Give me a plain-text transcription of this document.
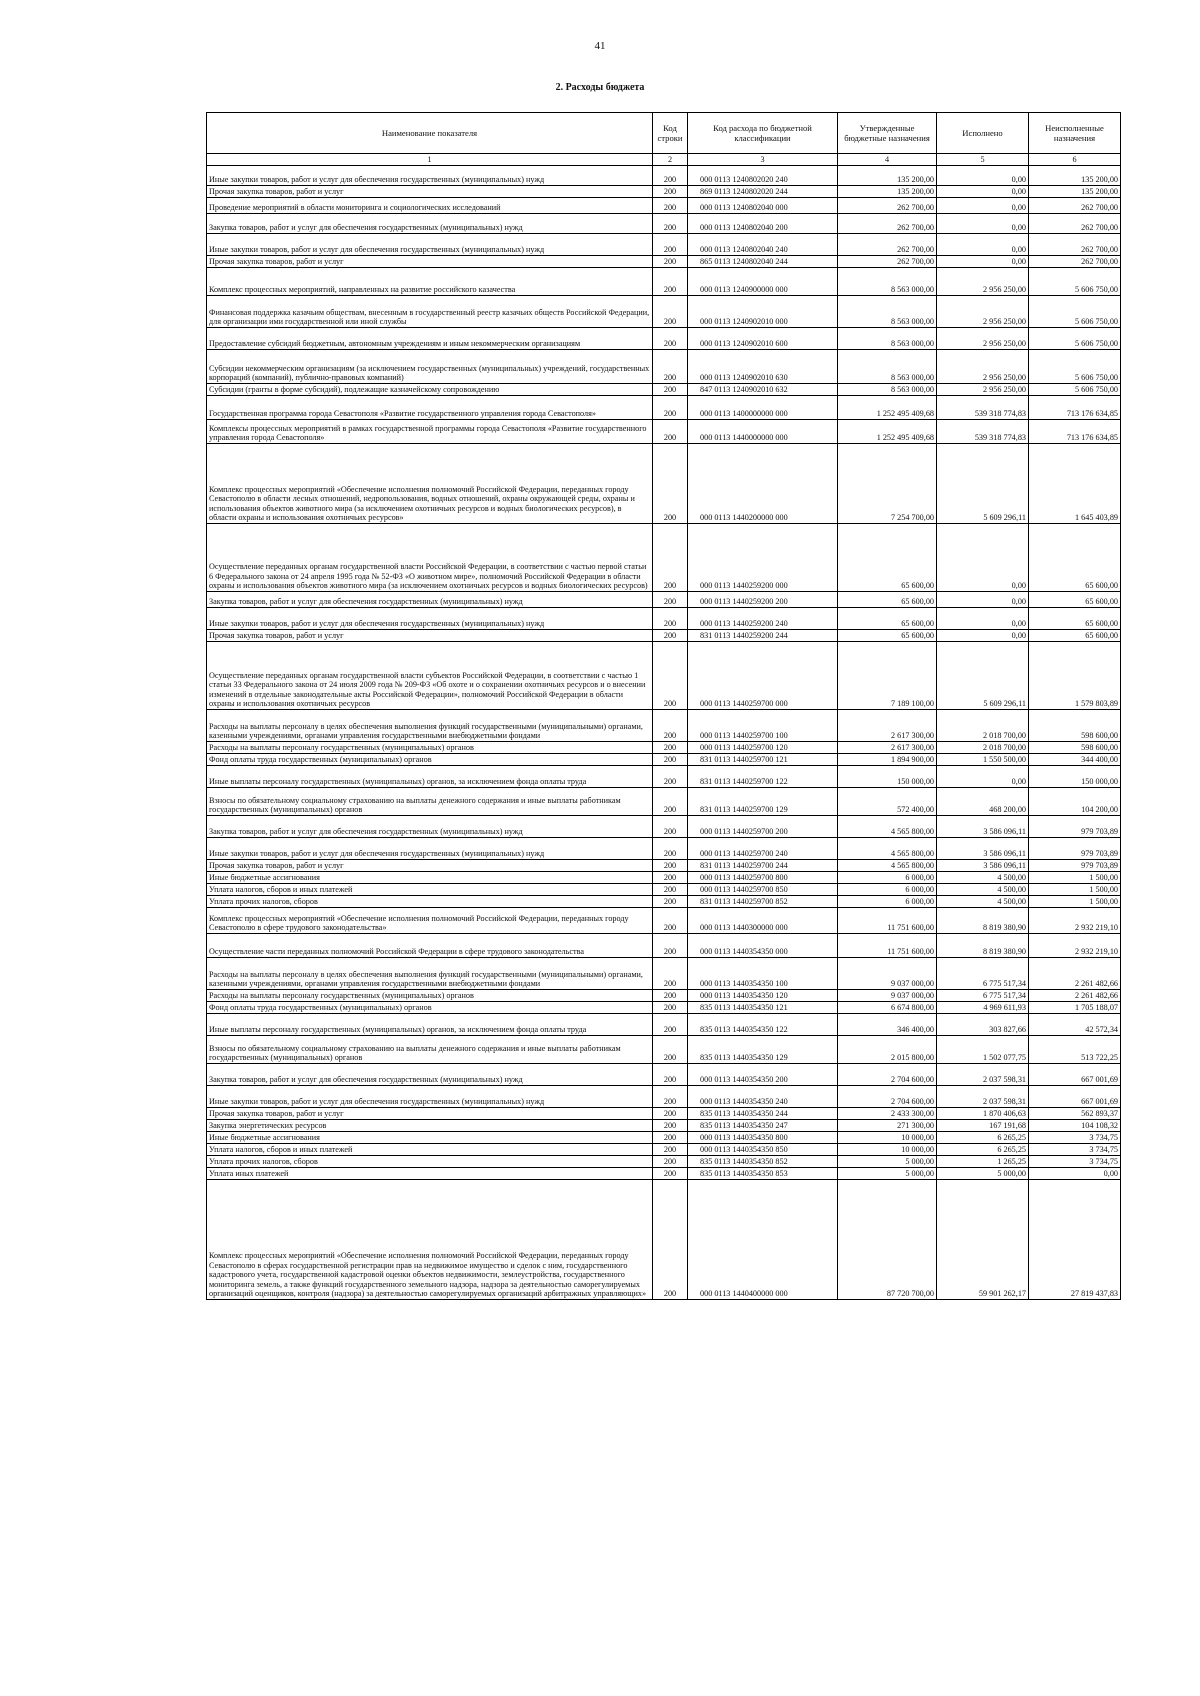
41
2. Расходы бюджета
Наименование показателя	Код строки	Код расхода по бюджетной классификации	Утвержденные бюджетные назначения	Исполнено	Неисполненные назначения
1	2	3	4	5	6
Иные закупки товаров, работ и услуг для обеспечения государственных (муниципальных) нужд	200	000 0113 1240802020 240	135 200,00	0,00	135 200,00
Прочая закупка товаров, работ и услуг	200	869 0113 1240802020 244	135 200,00	0,00	135 200,00
Проведение мероприятий в области мониторинга и социологических исследований	200	000 0113 1240802040 000	262 700,00	0,00	262 700,00
Закупка товаров, работ и услуг для обеспечения государственных (муниципальных) нужд	200	000 0113 1240802040 200	262 700,00	0,00	262 700,00
Иные закупки товаров, работ и услуг для обеспечения государственных (муниципальных) нужд	200	000 0113 1240802040 240	262 700,00	0,00	262 700,00
Прочая закупка товаров, работ и услуг	200	865 0113 1240802040 244	262 700,00	0,00	262 700,00
Комплекс процессных мероприятий, направленных на развитие российского казачества	200	000 0113 1240900000 000	8 563 000,00	2 956 250,00	5 606 750,00
Финансовая поддержка казачьим обществам, внесенным в государственный реестр казачьих обществ Российской Федерации, для организации ими государственной или иной службы	200	000 0113 1240902010 000	8 563 000,00	2 956 250,00	5 606 750,00
Предоставление субсидий бюджетным, автономным учреждениям и иным некоммерческим организациям	200	000 0113 1240902010 600	8 563 000,00	2 956 250,00	5 606 750,00
Субсидии некоммерческим организациям (за исключением государственных (муниципальных) учреждений, государственных корпораций (компаний), публично-правовых компаний)	200	000 0113 1240902010 630	8 563 000,00	2 956 250,00	5 606 750,00
Субсидии (гранты в форме субсидий), подлежащие казначейскому сопровождению	200	847 0113 1240902010 632	8 563 000,00	2 956 250,00	5 606 750,00
Государственная программа города Севастополя «Развитие государственного управления города Севастополя»	200	000 0113 1400000000 000	1 252 495 409,68	539 318 774,83	713 176 634,85
Комплексы процессных мероприятий в рамках государственной программы города Севастополя «Развитие государственного управления города Севастополя»	200	000 0113 1440000000 000	1 252 495 409,68	539 318 774,83	713 176 634,85
Комплекс процессных мероприятий «Обеспечение исполнения полномочий Российской Федерации, переданных городу Севастополю в области лесных отношений, недропользования, водных отношений, охраны окружающей среды, охраны и использования объектов животного мира (за исключением охотничьих ресурсов и водных биологических ресурсов), в области охраны и использования охотничьих ресурсов»	200	000 0113 1440200000 000	7 254 700,00	5 609 296,11	1 645 403,89
Осуществление переданных органам государственной власти Российской Федерации, в соответствии с частью первой статьи 6 Федерального закона от 24 апреля 1995 года № 52-ФЗ «О животном мире», полномочий Российской Федерации в области охраны и использования объектов животного мира (за исключением охотничьих ресурсов и водных биологических ресурсов)	200	000 0113 1440259200 000	65 600,00	0,00	65 600,00
Закупка товаров, работ и услуг для обеспечения государственных (муниципальных) нужд	200	000 0113 1440259200 200	65 600,00	0,00	65 600,00
Иные закупки товаров, работ и услуг для обеспечения государственных (муниципальных) нужд	200	000 0113 1440259200 240	65 600,00	0,00	65 600,00
Прочая закупка товаров, работ и услуг	200	831 0113 1440259200 244	65 600,00	0,00	65 600,00
Осуществление переданных органам государственной власти субъектов Российской Федерации, в соответствии с частью 1 статьи 33 Федерального закона от 24 июля 2009 года № 209-ФЗ «Об охоте и о сохранении охотничьих ресурсов и о внесении изменений в отдельные законодательные акты Российской Федерации», полномочий Российской Федерации в области охраны и использования охотничьих ресурсов	200	000 0113 1440259700 000	7 189 100,00	5 609 296,11	1 579 803,89
Расходы на выплаты персоналу в целях обеспечения выполнения функций государственными (муниципальными) органами, казенными учреждениями, органами управления государственными внебюджетными фондами	200	000 0113 1440259700 100	2 617 300,00	2 018 700,00	598 600,00
Расходы на выплаты персоналу государственных (муниципальных) органов	200	000 0113 1440259700 120	2 617 300,00	2 018 700,00	598 600,00
Фонд оплаты труда государственных (муниципальных) органов	200	831 0113 1440259700 121	1 894 900,00	1 550 500,00	344 400,00
Иные выплаты персоналу государственных (муниципальных) органов, за исключением фонда оплаты труда	200	831 0113 1440259700 122	150 000,00	0,00	150 000,00
Взносы по обязательному социальному страхованию на выплаты денежного содержания и иные выплаты работникам государственных (муниципальных) органов	200	831 0113 1440259700 129	572 400,00	468 200,00	104 200,00
Закупка товаров, работ и услуг для обеспечения государственных (муниципальных) нужд	200	000 0113 1440259700 200	4 565 800,00	3 586 096,11	979 703,89
Иные закупки товаров, работ и услуг для обеспечения государственных (муниципальных) нужд	200	000 0113 1440259700 240	4 565 800,00	3 586 096,11	979 703,89
Прочая закупка товаров, работ и услуг	200	831 0113 1440259700 244	4 565 800,00	3 586 096,11	979 703,89
Иные бюджетные ассигнования	200	000 0113 1440259700 800	6 000,00	4 500,00	1 500,00
Уплата налогов, сборов и иных платежей	200	000 0113 1440259700 850	6 000,00	4 500,00	1 500,00
Уплата прочих налогов, сборов	200	831 0113 1440259700 852	6 000,00	4 500,00	1 500,00
Комплекс процессных мероприятий «Обеспечение исполнения полномочий Российской Федерации, переданных городу Севастополю в сфере трудового законодательства»	200	000 0113 1440300000 000	11 751 600,00	8 819 380,90	2 932 219,10
Осуществление части переданных полномочий Российской Федерации в сфере трудового законодательства	200	000 0113 1440354350 000	11 751 600,00	8 819 380,90	2 932 219,10
Расходы на выплаты персоналу в целях обеспечения выполнения функций государственными (муниципальными) органами, казенными учреждениями, органами управления государственными внебюджетными фондами	200	000 0113 1440354350 100	9 037 000,00	6 775 517,34	2 261 482,66
Расходы на выплаты персоналу государственных (муниципальных) органов	200	000 0113 1440354350 120	9 037 000,00	6 775 517,34	2 261 482,66
Фонд оплаты труда государственных (муниципальных) органов	200	835 0113 1440354350 121	6 674 800,00	4 969 611,93	1 705 188,07
Иные выплаты персоналу государственных (муниципальных) органов, за исключением фонда оплаты труда	200	835 0113 1440354350 122	346 400,00	303 827,66	42 572,34
Взносы по обязательному социальному страхованию на выплаты денежного содержания и иные выплаты работникам государственных (муниципальных) органов	200	835 0113 1440354350 129	2 015 800,00	1 502 077,75	513 722,25
Закупка товаров, работ и услуг для обеспечения государственных (муниципальных) нужд	200	000 0113 1440354350 200	2 704 600,00	2 037 598,31	667 001,69
Иные закупки товаров, работ и услуг для обеспечения государственных (муниципальных) нужд	200	000 0113 1440354350 240	2 704 600,00	2 037 598,31	667 001,69
Прочая закупка товаров, работ и услуг	200	835 0113 1440354350 244	2 433 300,00	1 870 406,63	562 893,37
Закупка энергетических ресурсов	200	835 0113 1440354350 247	271 300,00	167 191,68	104 108,32
Иные бюджетные ассигнования	200	000 0113 1440354350 800	10 000,00	6 265,25	3 734,75
Уплата налогов, сборов и иных платежей	200	000 0113 1440354350 850	10 000,00	6 265,25	3 734,75
Уплата прочих налогов, сборов	200	835 0113 1440354350 852	5 000,00	1 265,25	3 734,75
Уплата иных платежей	200	835 0113 1440354350 853	5 000,00	5 000,00	0,00
Комплекс процессных мероприятий «Обеспечение исполнения полномочий Российской Федерации, переданных городу Севастополю в сферах государственной регистрации прав на недвижимое имущество и сделок с ним, государственного кадастрового учета, государственной кадастровой оценки объектов недвижимости, землеустройства, государственного мониторинга земель, а также функций государственного земельного надзора, надзора за деятельностью саморегулируемых организаций оценщиков, контроля (надзора) за деятельностью саморегулируемых организаций арбитражных управляющих»	200	000 0113 1440400000 000	87 720 700,00	59 901 262,17	27 819 437,83
